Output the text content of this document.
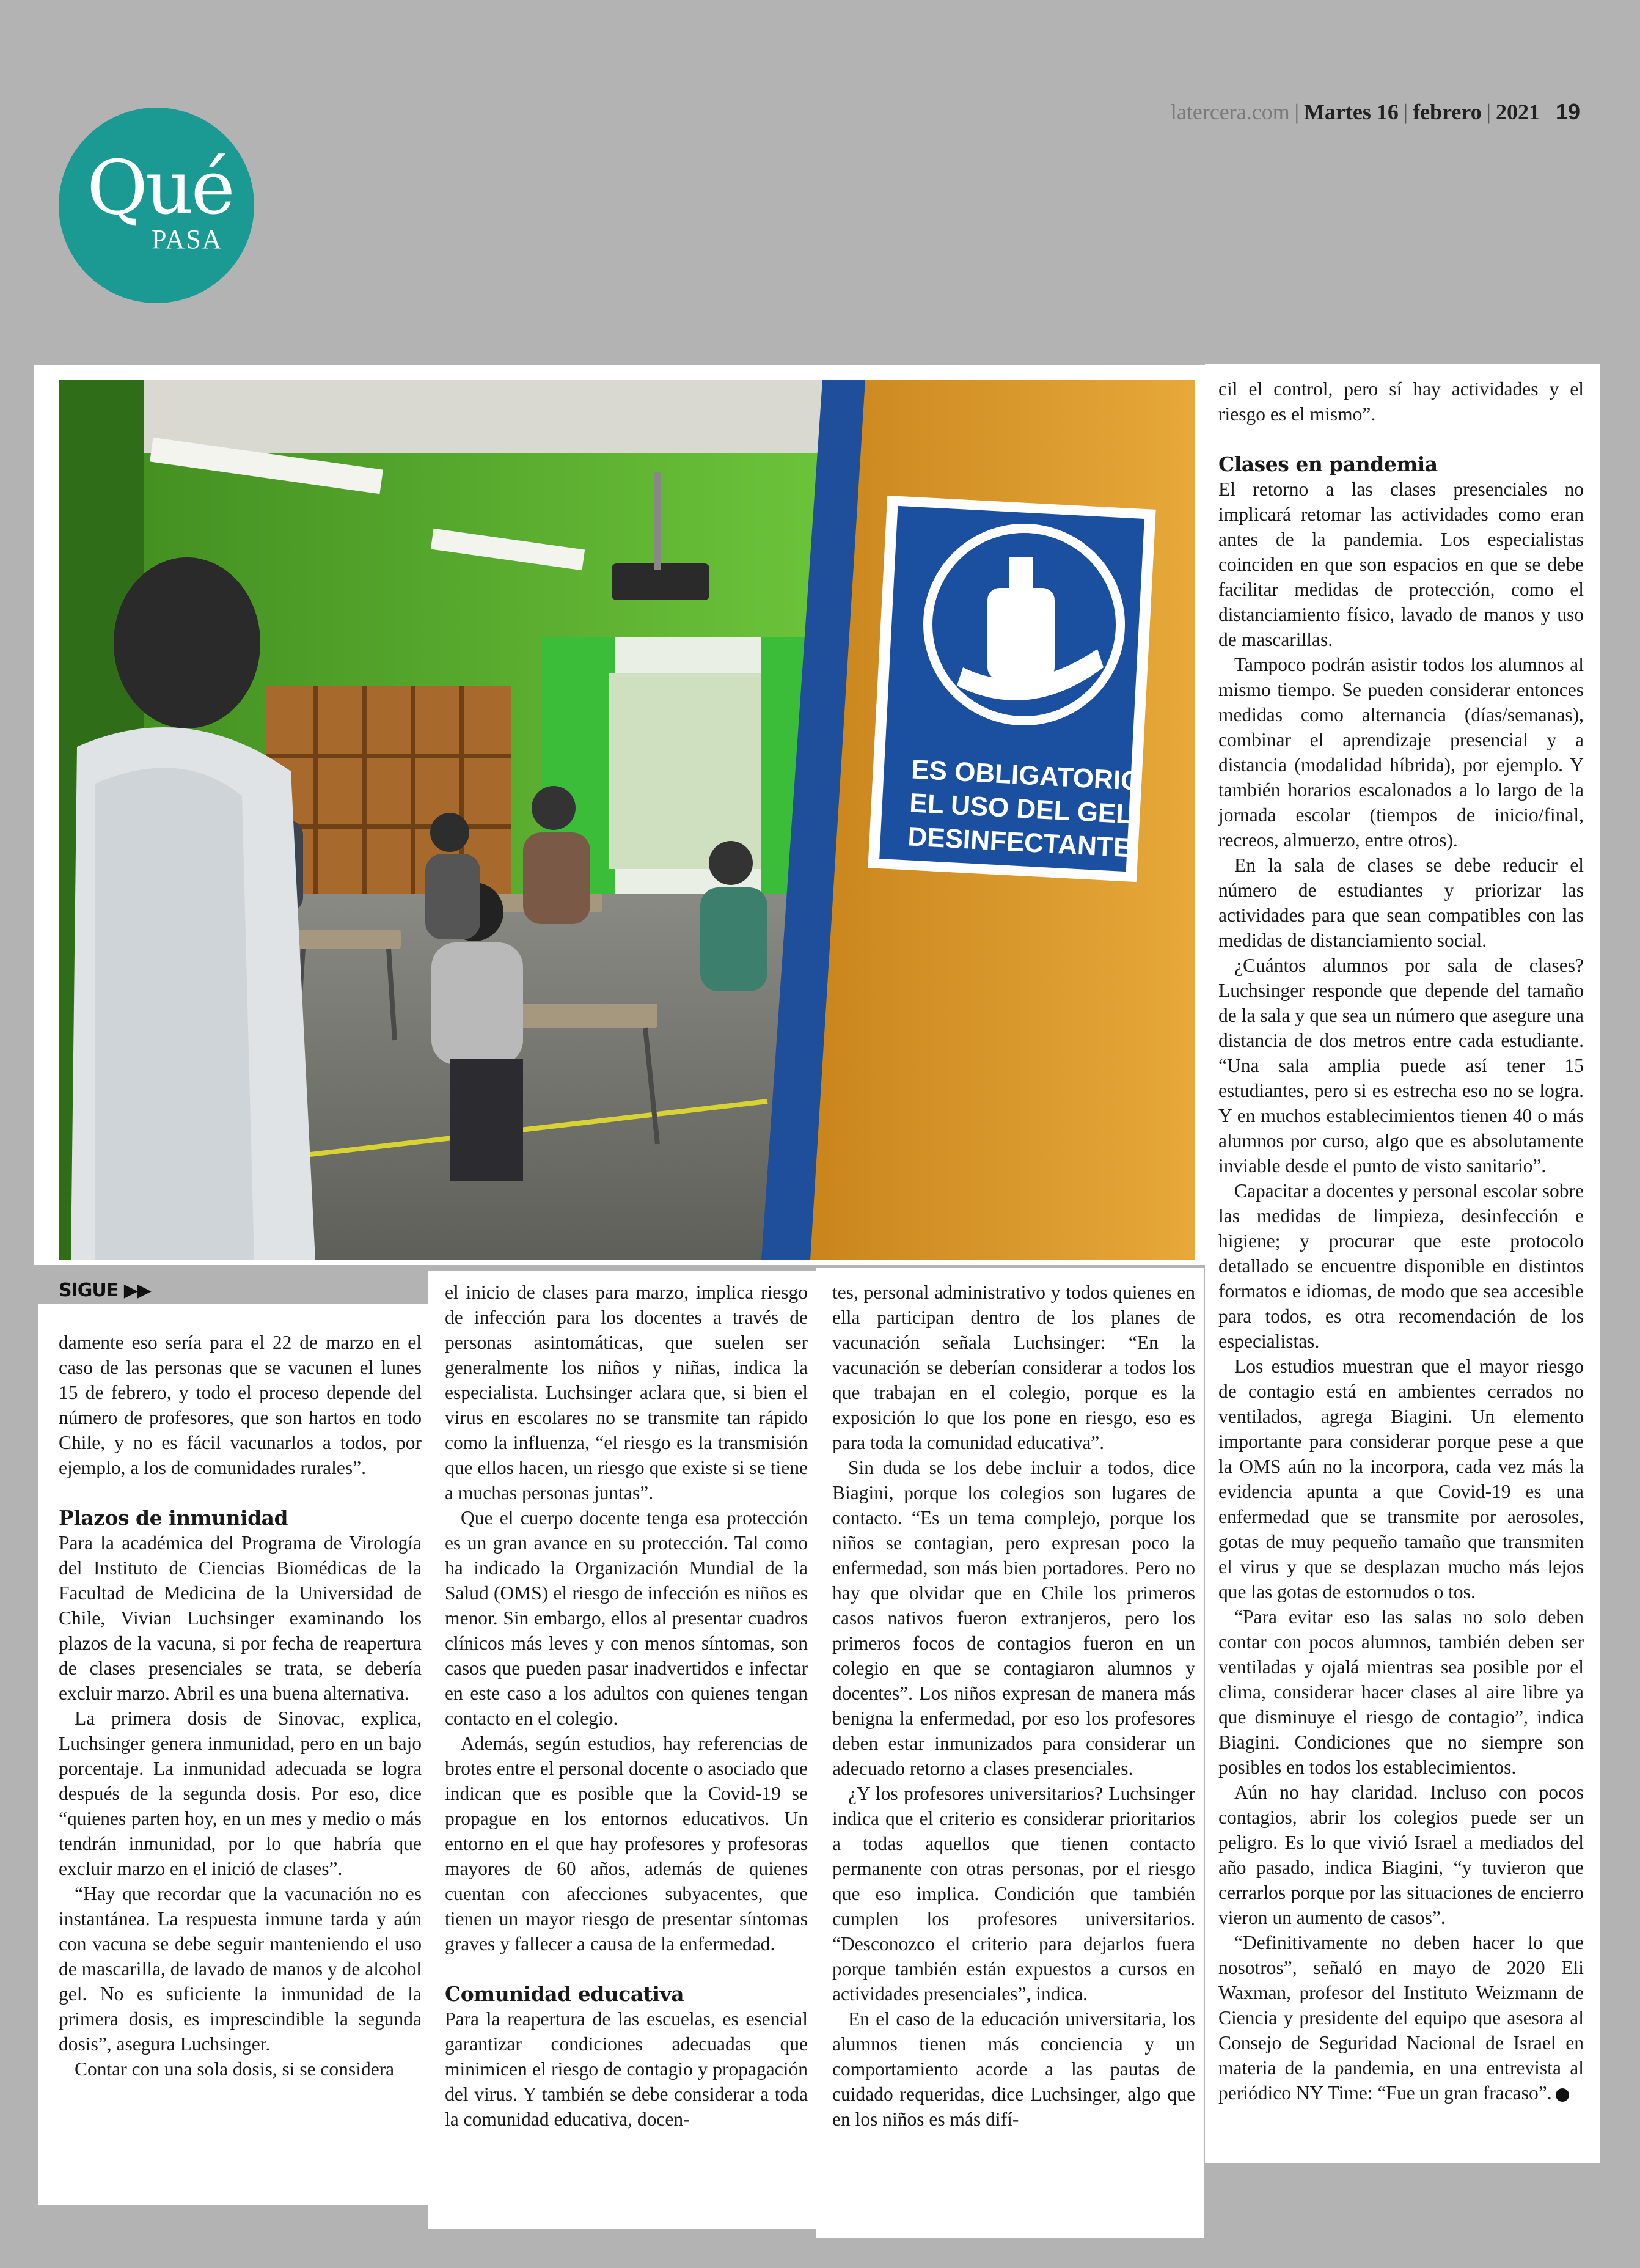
Qué
PASA
latercera.com | Martes 16 | febrero | 2021 19
ES OBLIGATORIO
EL USO DEL GEL
DESINFECTANTE
SIGUE ▶▶

damente eso sería para el 22 de marzo en el caso de las personas que se vacunen el lunes 15 de febrero, y todo el proceso depende del número de profesores, que son hartos en todo Chile, y no es fácil vacunarlos a todos, por ejemplo, a los de comunidades rurales”.

Plazos de inmunidad

Para la académica del Programa de Virología del Instituto de Ciencias Biomédicas de la Facultad de Medicina de la Universidad de Chile, Vivian Luchsinger examinando los plazos de la vacuna, si por fecha de reapertura de clases presenciales se trata, se debería excluir marzo. Abril es una buena alternativa.

La primera dosis de Sinovac, explica, Luchsinger genera inmunidad, pero en un bajo porcentaje. La inmunidad adecuada se logra después de la segunda dosis. Por eso, dice “quienes parten hoy, en un mes y medio o más tendrán inmunidad, por lo que habría que excluir marzo en el inició de clases”.

“Hay que recordar que la vacunación no es instantánea. La respuesta inmune tarda y aún con vacuna se debe seguir manteniendo el uso de mascarilla, de lavado de manos y de alcohol gel. No es suficiente la inmunidad de la primera dosis, es imprescindible la segunda dosis”, asegura Luchsinger.

Contar con una sola dosis, si se considera

el inicio de clases para marzo, implica riesgo de infección para los docentes a través de personas asintomáticas, que suelen ser generalmente los niños y niñas, indica la especialista. Luchsinger aclara que, si bien el virus en escolares no se transmite tan rápido como la influenza, “el riesgo es la transmisión que ellos hacen, un riesgo que existe si se tiene a muchas personas juntas”.

Que el cuerpo docente tenga esa protección es un gran avance en su protección. Tal como ha indicado la Organización Mundial de la Salud (OMS) el riesgo de infección es niños es menor. Sin embargo, ellos al presentar cuadros clínicos más leves y con menos síntomas, son casos que pueden pasar inadvertidos e infectar en este caso a los adultos con quienes tengan contacto en el colegio.

Además, según estudios, hay referencias de brotes entre el personal docente o asociado que indican que es posible que la Covid-19 se propague en los entornos educativos. Un entorno en el que hay profesores y profesoras mayores de 60 años, además de quienes cuentan con afecciones subyacentes, que tienen un mayor riesgo de presentar síntomas graves y fallecer a causa de la enfermedad.

Comunidad educativa

Para la reapertura de las escuelas, es esencial garantizar condiciones adecuadas que minimicen el riesgo de contagio y propagación del virus. Y también se debe considerar a toda la comunidad educativa, docen-

tes, personal administrativo y todos quienes en ella participan dentro de los planes de vacunación señala Luchsinger: “En la vacunación se deberían considerar a todos los que trabajan en el colegio, porque es la exposición lo que los pone en riesgo, eso es para toda la comunidad educativa”.

Sin duda se los debe incluir a todos, dice Biagini, porque los colegios son lugares de contacto. “Es un tema complejo, porque los niños se contagian, pero expresan poco la enfermedad, son más bien portadores. Pero no hay que olvidar que en Chile los primeros casos nativos fueron extranjeros, pero los primeros focos de contagios fueron en un colegio en que se contagiaron alumnos y docentes”. Los niños expresan de manera más benigna la enfermedad, por eso los profesores deben estar inmunizados para considerar un adecuado retorno a clases presenciales.

¿Y los profesores universitarios? Luchsinger indica que el criterio es considerar prioritarios a todas aquellos que tienen contacto permanente con otras personas, por el riesgo que eso implica. Condición que también cumplen los profesores universitarios. “Desconozco el criterio para dejarlos fuera porque también están expuestos a cursos en actividades presenciales”, indica.

En el caso de la educación universitaria, los alumnos tienen más conciencia y un comportamiento acorde a las pautas de cuidado requeridas, dice Luchsinger, algo que en los niños es más difí-

cil el control, pero sí hay actividades y el riesgo es el mismo”.

Clases en pandemia

El retorno a las clases presenciales no implicará retomar las actividades como eran antes de la pandemia. Los especialistas coinciden en que son espacios en que se debe facilitar medidas de protección, como el distanciamiento físico, lavado de manos y uso de mascarillas.

Tampoco podrán asistir todos los alumnos al mismo tiempo. Se pueden considerar entonces medidas como alternancia (días/semanas), combinar el aprendizaje presencial y a distancia (modalidad híbrida), por ejemplo. Y también horarios escalonados a lo largo de la jornada escolar (tiempos de inicio/final, recreos, almuerzo, entre otros).

En la sala de clases se debe reducir el número de estudiantes y priorizar las actividades para que sean compatibles con las medidas de distanciamiento social.

¿Cuántos alumnos por sala de clases? Luchsinger responde que depende del tamaño de la sala y que sea un número que asegure una distancia de dos metros entre cada estudiante. “Una sala amplia puede así tener 15 estudiantes, pero si es estrecha eso no se logra. Y en muchos establecimientos tienen 40 o más alumnos por curso, algo que es absolutamente inviable desde el punto de visto sanitario”.

Capacitar a docentes y personal escolar sobre las medidas de limpieza, desinfección e higiene; y procurar que este protocolo detallado se encuentre disponible en distintos formatos e idiomas, de modo que sea accesible para todos, es otra recomendación de los especialistas.

Los estudios muestran que el mayor riesgo de contagio está en ambientes cerrados no ventilados, agrega Biagini. Un elemento importante para considerar porque pese a que la OMS aún no la incorpora, cada vez más la evidencia apunta a que Covid-19 es una enfermedad que se transmite por aerosoles, gotas de muy pequeño tamaño que transmiten el virus y que se desplazan mucho más lejos que las gotas de estornudos o tos.

“Para evitar eso las salas no solo deben contar con pocos alumnos, también deben ser ventiladas y ojalá mientras sea posible por el clima, considerar hacer clases al aire libre ya que disminuye el riesgo de contagio”, indica Biagini. Condiciones que no siempre son posibles en todos los establecimientos.

Aún no hay claridad. Incluso con pocos contagios, abrir los colegios puede ser un peligro. Es lo que vivió Israel a mediados del año pasado, indica Biagini, “y tuvieron que cerrarlos porque por las situaciones de encierro vieron un aumento de casos”.

“Definitivamente no deben hacer lo que nosotros”, señaló en mayo de 2020 Eli Waxman, profesor del Instituto Weizmann de Ciencia y presidente del equipo que asesora al Consejo de Seguridad Nacional de Israel en materia de la pandemia, en una entrevista al periódico NY Time: “Fue un gran fracaso”.
